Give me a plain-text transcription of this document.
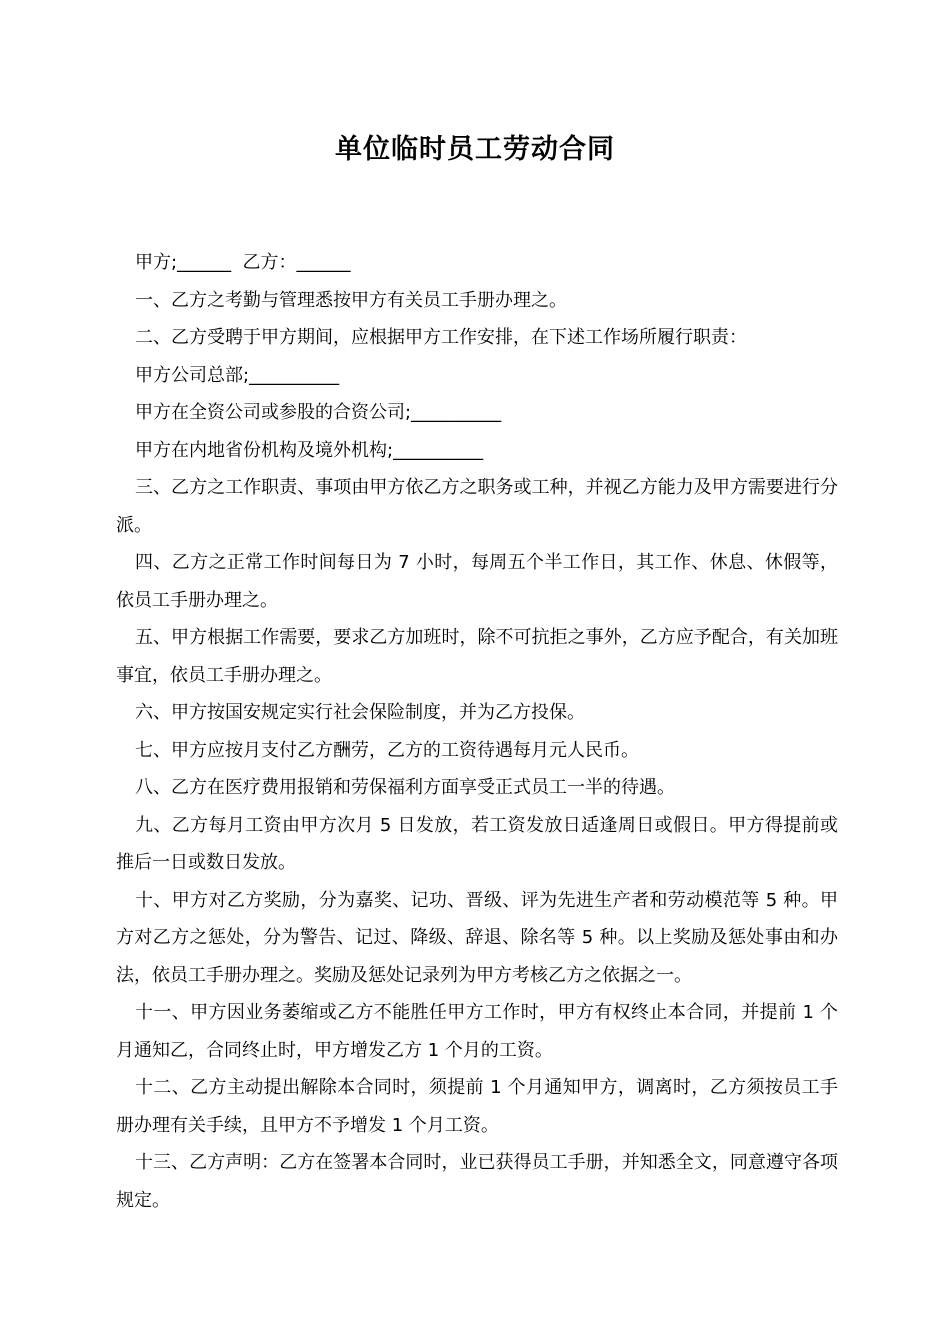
单位临时员工劳动合同

甲方;______  乙方：______

一、乙方之考勤与管理悉按甲方有关员工手册办理之。

二、乙方受聘于甲方期间，应根据甲方工作安排，在下述工作场所履行职责：

甲方公司总部;__________

甲方在全资公司或参股的合资公司;__________

甲方在内地省份机构及境外机构;__________

三、乙方之工作职责、事项由甲方依乙方之职务或工种，并视乙方能力及甲方需要进行分派。

四、乙方之正常工作时间每日为 7 小时，每周五个半工作日，其工作、休息、休假等，依员工手册办理之。

五、甲方根据工作需要，要求乙方加班时，除不可抗拒之事外，乙方应予配合，有关加班事宜，依员工手册办理之。

六、甲方按国安规定实行社会保险制度，并为乙方投保。

七、甲方应按月支付乙方酬劳，乙方的工资待遇每月元人民币。

八、乙方在医疗费用报销和劳保福利方面享受正式员工一半的待遇。

九、乙方每月工资由甲方次月 5 日发放，若工资发放日适逢周日或假日。甲方得提前或推后一日或数日发放。

十、甲方对乙方奖励，分为嘉奖、记功、晋级、评为先进生产者和劳动模范等 5 种。甲方对乙方之惩处，分为警告、记过、降级、辞退、除名等 5 种。以上奖励及惩处事由和办法，依员工手册办理之。奖励及惩处记录列为甲方考核乙方之依据之一。

十一、甲方因业务萎缩或乙方不能胜任甲方工作时，甲方有权终止本合同，并提前 1 个月通知乙，合同终止时，甲方增发乙方 1 个月的工资。

十二、乙方主动提出解除本合同时，须提前 1 个月通知甲方，调离时，乙方须按员工手册办理有关手续，且甲方不予增发 1 个月工资。

十三、乙方声明：乙方在签署本合同时，业已获得员工手册，并知悉全文，同意遵守各项规定。
